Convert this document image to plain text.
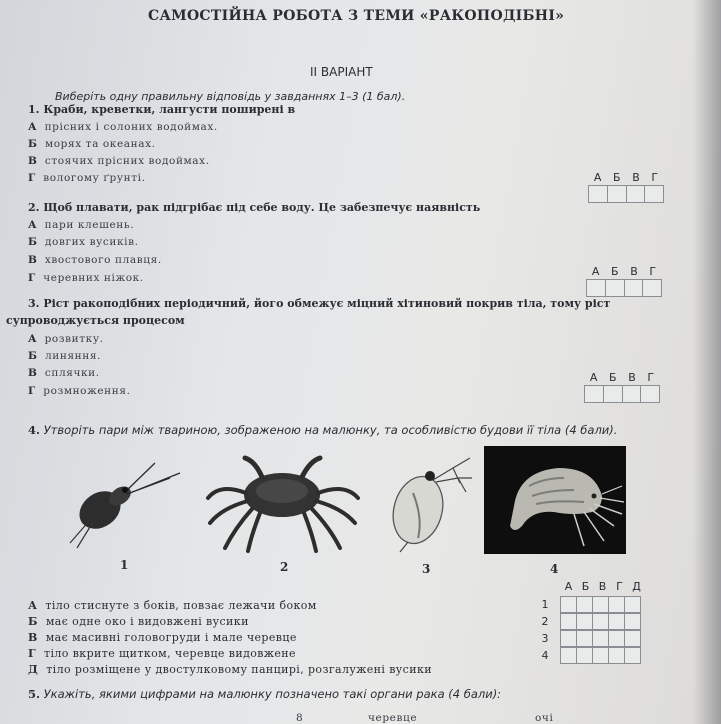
САМОСТІЙНА РОБОТА З ТЕМИ «РАКОПОДІБНІ»
II ВАРІАНТ
Виберіть одну правильну відповідь у завданнях 1–3 (1 бал).
1. Краби, креветки, лангусти поширені в
А прісних і солоних водоймах.
Б морях та океанах.
В стоячих прісних водоймах.
Г вологому ґрунті.	А Б В Г
2. Щоб плавати, рак підгрібає під себе воду. Це забезпечує наявність
А пари клешень.
Б довгих вусиків.
В хвостового плавця.
Г черевних ніжок.	А Б В Г
3. Ріст ракоподібних періодичний, його обмежує міцний хітиновий покрив тіла, тому ріст
супроводжується процесом
А розвитку.
Б линяння.
В сплячки.
Г розмноження.
А Б В Г
4. Утворіть пари між твариною, зображеною на малюнку, та особливістю будови її тіла (4 бали).
1	2	3	4
А тіло стиснуте з боків, повзає лежачи боком
Б має одне око і видовжені вусики
В має масивні головогруди і мале черевце
Г тіло вкрите щитком, черевце видовжене
Д тіло розміщене у двостулковому панцирі, розгалужені вусики
А Б В Г Д
1
2
3
4
5. Укажіть, якими цифрами на малюнку позначено такі органи рака (4 бали):
8	черевце	очі
